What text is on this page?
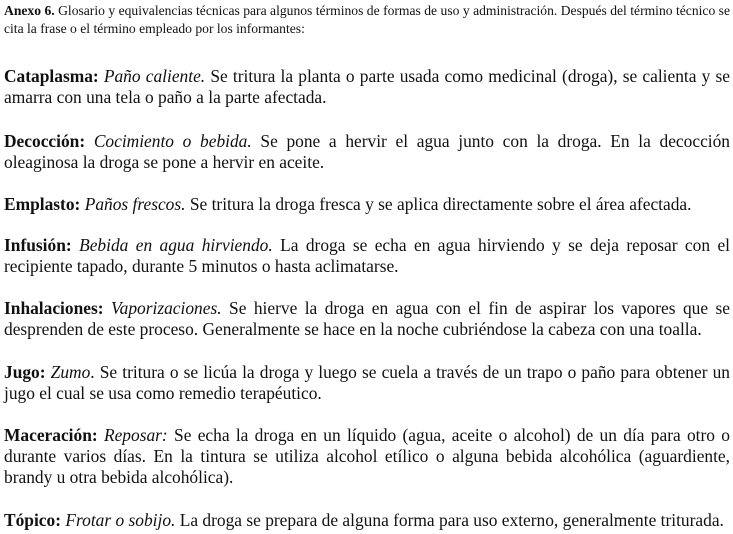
Anexo 6. Glosario y equivalencias técnicas para algunos términos de formas de uso y administración. Después del término técnico se cita la frase o el término empleado por los informantes:

Cataplasma: Paño caliente. Se tritura la planta o parte usada como medicinal (droga), se calienta y se amarra con una tela o paño a la parte afectada.

Decocción: Cocimiento o bebida. Se pone a hervir el agua junto con la droga. En la decocción oleaginosa la droga se pone a hervir en aceite.

Emplasto: Paños frescos. Se tritura la droga fresca y se aplica directamente sobre el área afectada.

Infusión: Bebida en agua hirviendo. La droga se echa en agua hirviendo y se deja reposar con el recipiente tapado, durante 5 minutos o hasta aclimatarse.

Inhalaciones: Vaporizaciones. Se hierve la droga en agua con el fin de aspirar los vapores que se desprenden de este proceso. Generalmente se hace en la noche cubriéndose la cabeza con una toalla.

Jugo: Zumo. Se tritura o se licúa la droga y luego se cuela a través de un trapo o paño para obtener un jugo el cual se usa como remedio terapéutico.

Maceración: Reposar: Se echa la droga en un líquido (agua, aceite o alcohol) de un día para otro o durante varios días. En la tintura se utiliza alcohol etílico o alguna bebida alcohólica (aguardiente, brandy u otra bebida alcohólica).

Tópico: Frotar o sobijo. La droga se prepara de alguna forma para uso externo, generalmente triturada.
